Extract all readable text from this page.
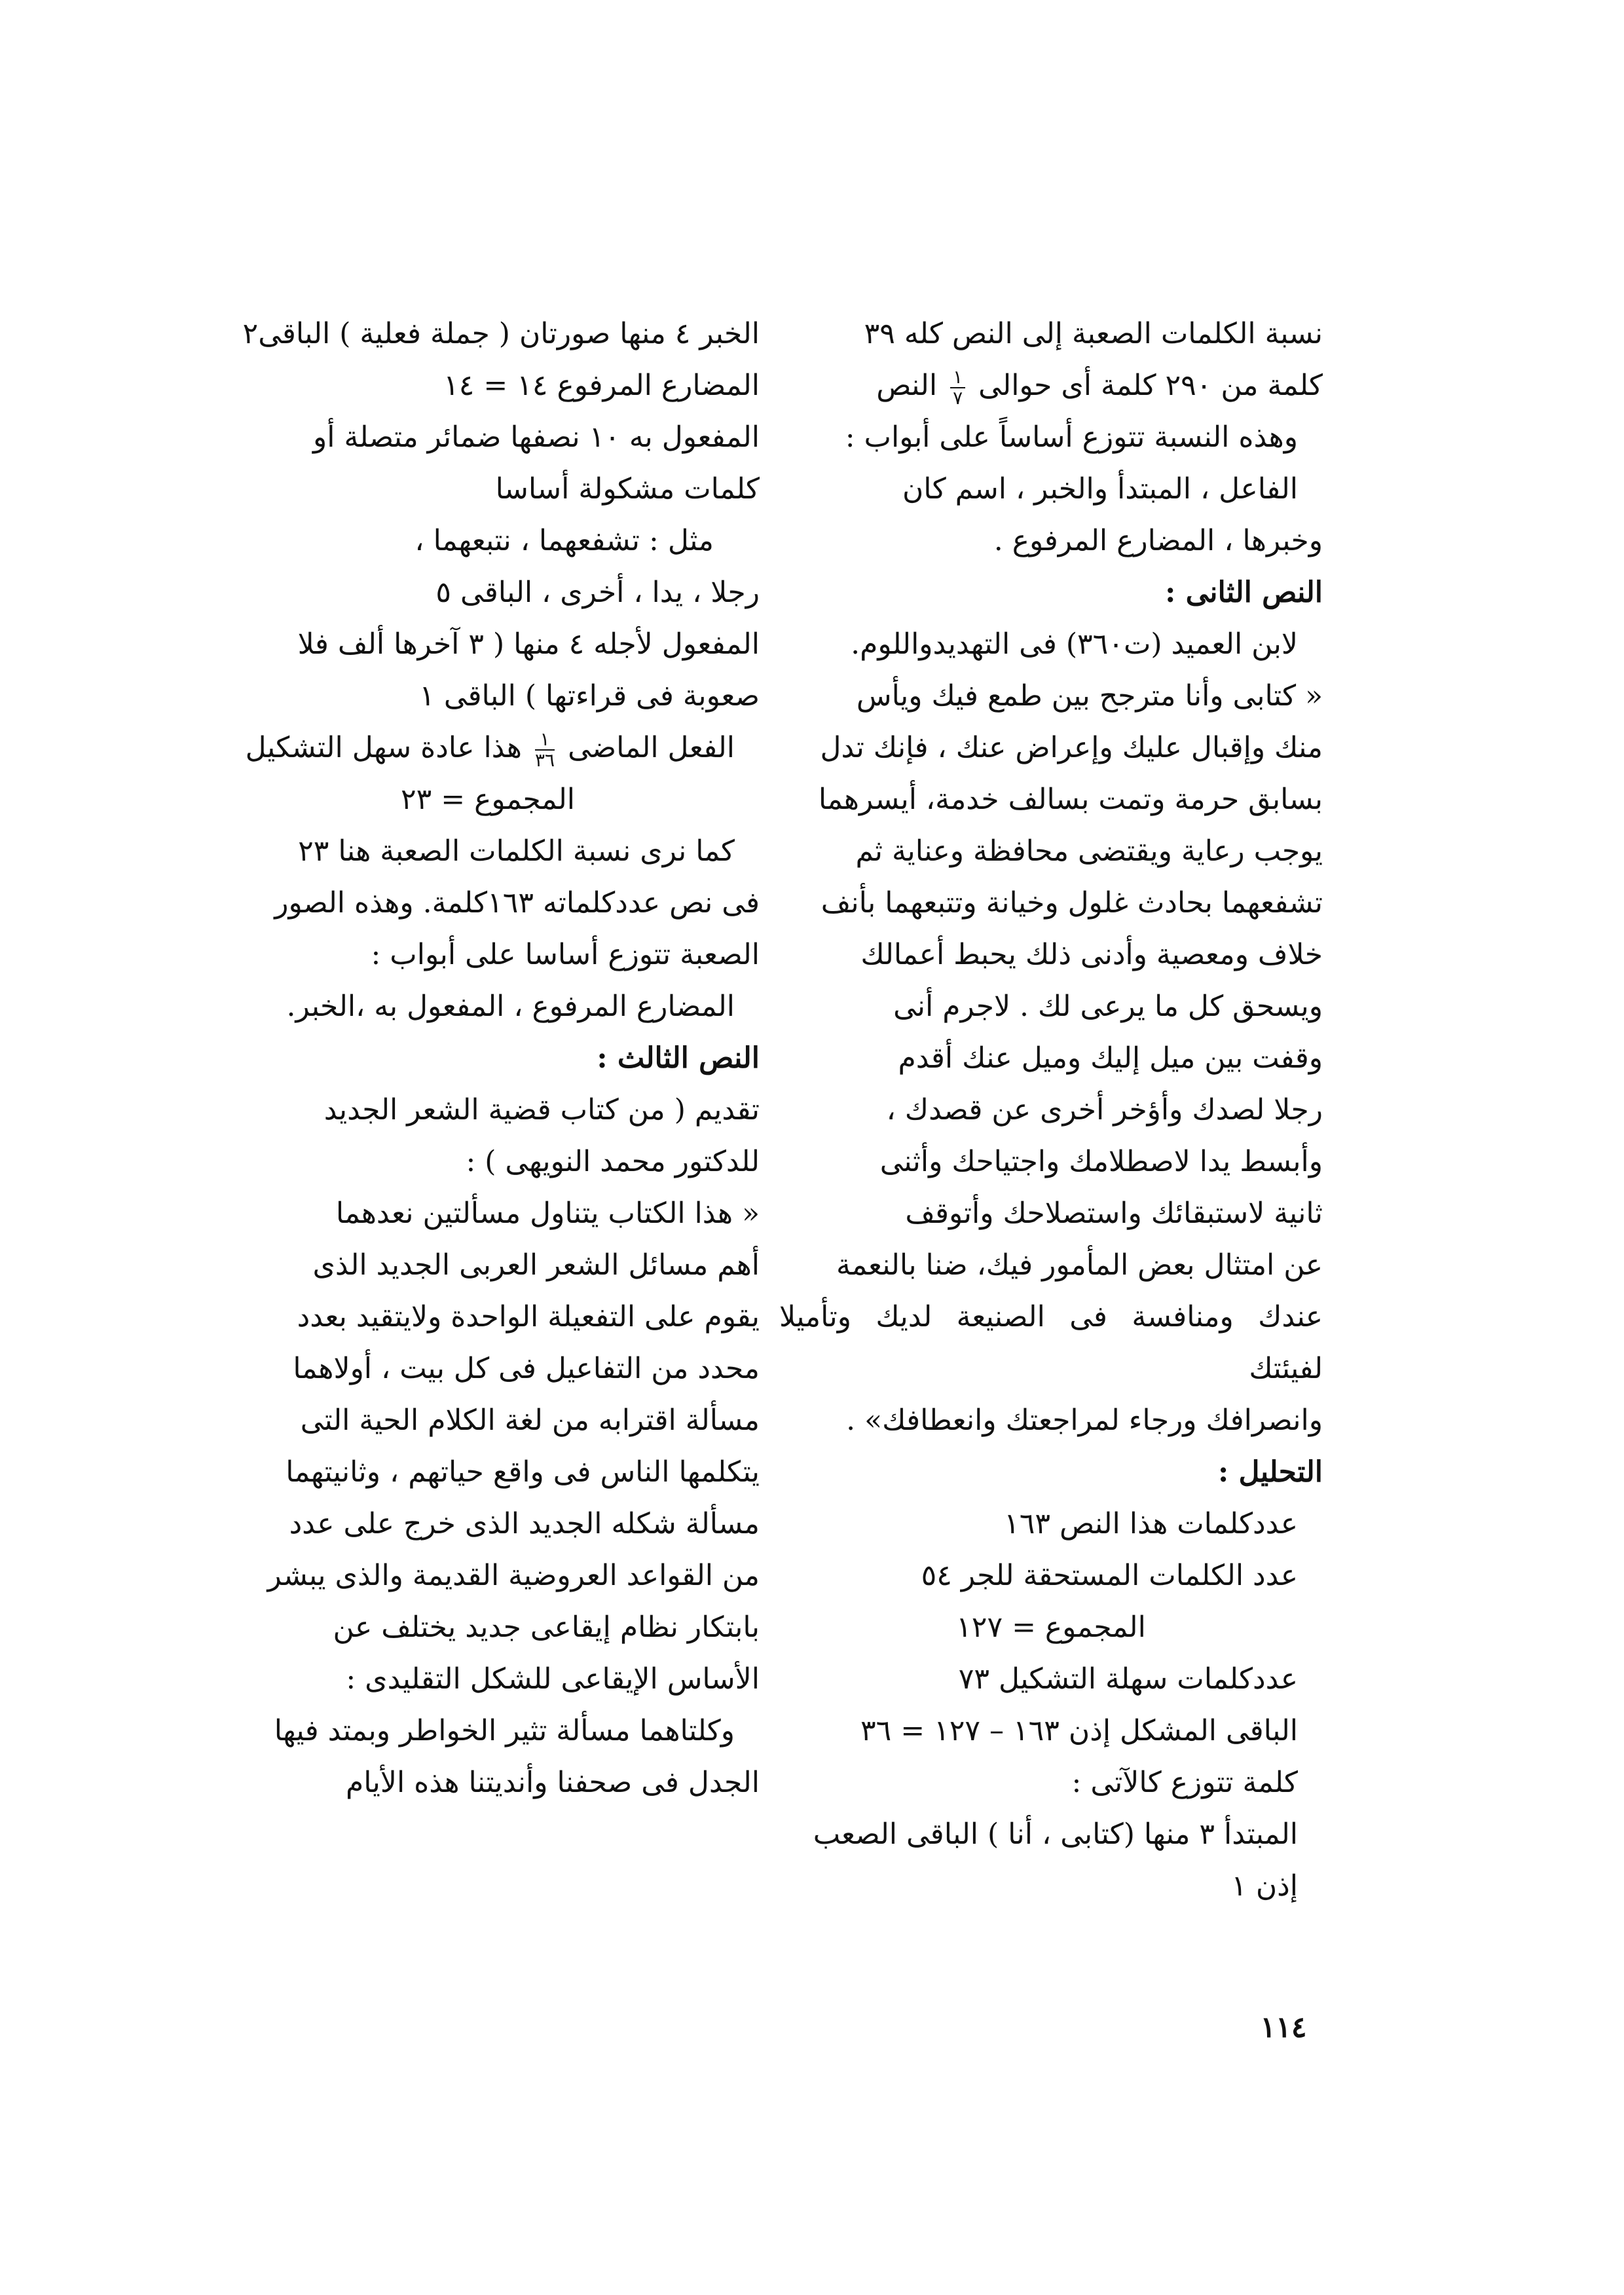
نسبة الكلمات الصعبة إلى النص كله ٣٩

كلمة من ٢٩٠ كلمة أى حوالى
$\frac{١}{٧}$
النص

وهذه النسبة تتوزع أساساً على أبواب :

الفاعل ، المبتدأ والخبر ، اسم كان

وخبرها ، المضارع المرفوع .

النص الثانى :

لابن العميد (ت٣٦٠) فى التهديدواللوم.

« كتابى وأنا مترجح بين طمع فيك ويأس

منك وإقبال عليك وإعراض عنك ، فإنك تدل

بسابق حرمة وتمت بسالف خدمة، أيسرهما

يوجب رعاية ويقتضى محافظة وعناية ثم

تشفعهما بحادث غلول وخيانة وتتبعهما بأنف

خلاف ومعصية وأدنى ذلك يحبط أعمالك

ويسحق كل ما يرعى لك . لاجرم أنى

وقفت بين ميل إليك وميل عنك أقدم

رجلا لصدك وأؤخر أخرى عن قصدك ،

وأبسط يدا لاصطلامك واجتياحك وأثنى

ثانية لاستبقائك واستصلاحك وأتوقف

عن امتثال بعض المأمور فيك، ضنا بالنعمة

عندك ومنافسة فى الصنيعة لديك وتأميلا لفيئتك

وانصرافك ورجاء لمراجعتك وانعطافك» .

التحليل :

عددكلمات هذا النص ١٦٣

عدد الكلمات المستحقة للجر ٥٤

المجموع = ١٢٧

عددكلمات سهلة التشكيل ٧٣

الباقى المشكل إذن ١٦٣ – ١٢٧ = ٣٦

كلمة تتوزع كالآتى :

المبتدأ ٣ منها (كتابى ، أنا ) الباقى الصعب

إذن ١

الخبر ٤ منها صورتان ( جملة فعلية ) الباقى٢

المضارع المرفوع ١٤ = ١٤

المفعول به ١٠ نصفها ضمائر متصلة أو

كلمات مشكولة أساسا

مثل : تشفعهما ، نتبعهما ،

رجلا ، يدا ، أخرى ، الباقى ٥

المفعول لأجله ٤ منها ( ٣ آخرها ألف فلا

صعوبة فى قراءتها ) الباقى ١

الفعل الماضى
$\frac{١}{٣٦}$
هذا عادة سهل التشكيل

المجموع = ٢٣

كما نرى نسبة الكلمات الصعبة هنا ٢٣

فى نص عددكلماته ١٦٣كلمة. وهذه الصور

الصعبة تتوزع أساسا على أبواب :

المضارع المرفوع ، المفعول به ،الخبر.

النص الثالث :

تقديم ( من كتاب قضية الشعر الجديد

للدكتور محمد النويهى ) :

« هذا الكتاب يتناول مسألتين نعدهما

أهم مسائل الشعر العربى الجديد الذى

يقوم على التفعيلة الواحدة ولايتقيد بعدد

محدد من التفاعيل فى كل بيت ، أولاهما

مسألة اقترابه من لغة الكلام الحية التى

يتكلمها الناس فى واقع حياتهم ، وثانيتهما

مسألة شكله الجديد الذى خرج على عدد

من القواعد العروضية القديمة والذى يبشر

بابتكار نظام إيقاعى جديد يختلف عن

الأساس الإيقاعى للشكل التقليدى :

وكلتاهما مسألة تثير الخواطر وبمتد فيها

الجدل فى صحفنا وأنديتنا هذه الأيام

١١٤
